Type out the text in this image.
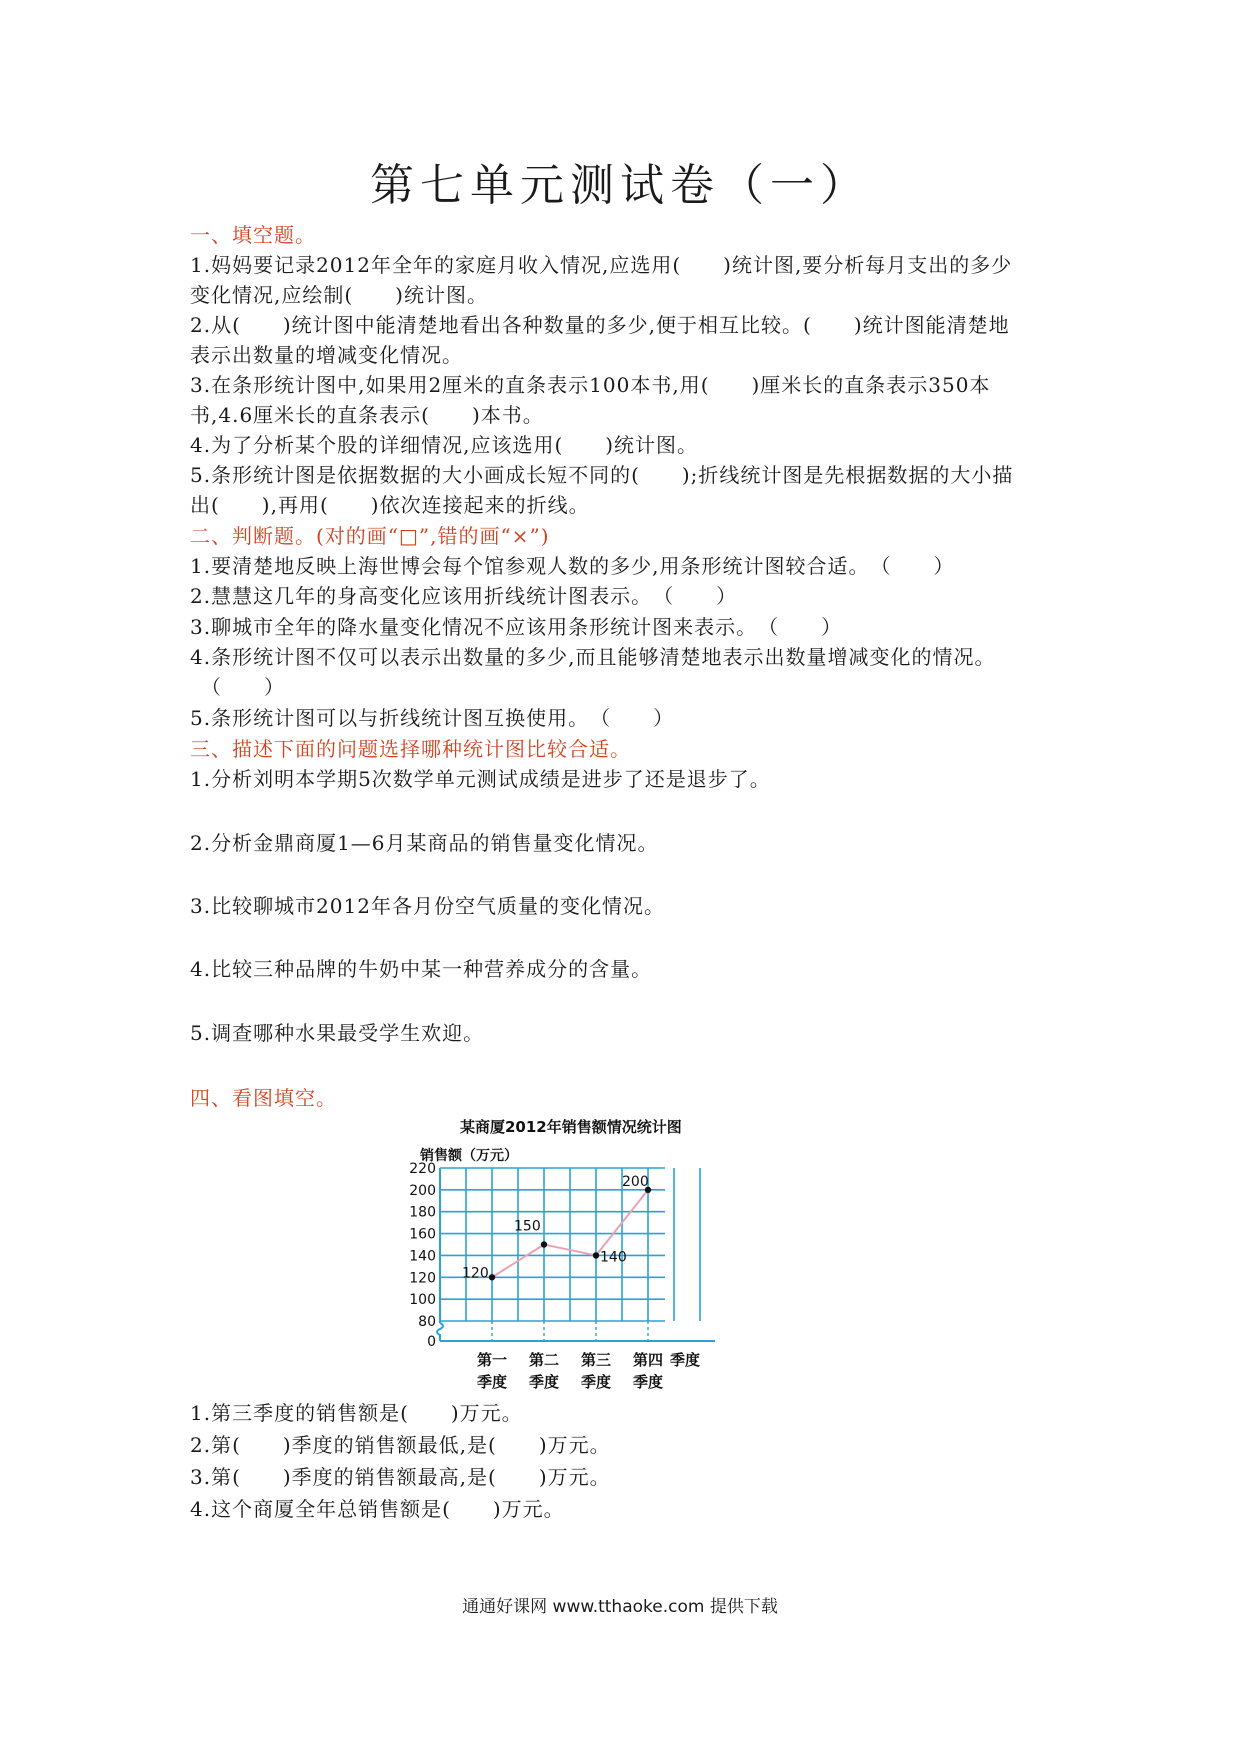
第七单元测试卷（一）
一、填空题。
1.妈妈要记录2012年全年的家庭月收入情况,应选用(　　)统计图,要分析每月支出的多少
变化情况,应绘制(　　)统计图。
2.从(　　)统计图中能清楚地看出各种数量的多少,便于相互比较。(　　)统计图能清楚地
表示出数量的增减变化情况。
3.在条形统计图中,如果用2厘米的直条表示100本书,用(　　)厘米长的直条表示350本
书,4.6厘米长的直条表示(　　)本书。
4.为了分析某个股的详细情况,应该选用(　　)统计图。
5.条形统计图是依据数据的大小画成长短不同的(　　);折线统计图是先根据数据的大小描
出(　　),再用(　　)依次连接起来的折线。
二、判断题。(对的画“□”,错的画“×”)
1.要清楚地反映上海世博会每个馆参观人数的多少,用条形统计图较合适。　（　　）
2.慧慧这几年的身高变化应该用折线统计图表示。　（　　）
3.聊城市全年的降水量变化情况不应该用条形统计图来表示。　（　　）
4.条形统计图不仅可以表示出数量的多少,而且能够清楚地表示出数量增减变化的情况。
　（　　）
5.条形统计图可以与折线统计图互换使用。　（　　）
三、描述下面的问题选择哪种统计图比较合适。
1.分析刘明本学期5次数学单元测试成绩是进步了还是退步了。
2.分析金鼎商厦1—6月某商品的销售量变化情况。
3.比较聊城市2012年各月份空气质量的变化情况。
4.比较三种品牌的牛奶中某一种营养成分的含量。
5.调查哪种水果最受学生欢迎。
四、看图填空。
某商厦2012年销售额情况统计图
销售额（万元）
0
80
100
120
140
160
180
200
220
120
150
140
200
第一
季度
第二
季度
第三
季度
第四
季度
季度
1.第三季度的销售额是(　　)万元。
2.第(　　)季度的销售额最低,是(　　)万元。
3.第(　　)季度的销售额最高,是(　　)万元。
4.这个商厦全年总销售额是(　　)万元。
通通好课网 www.tthaoke.com 提供下载
